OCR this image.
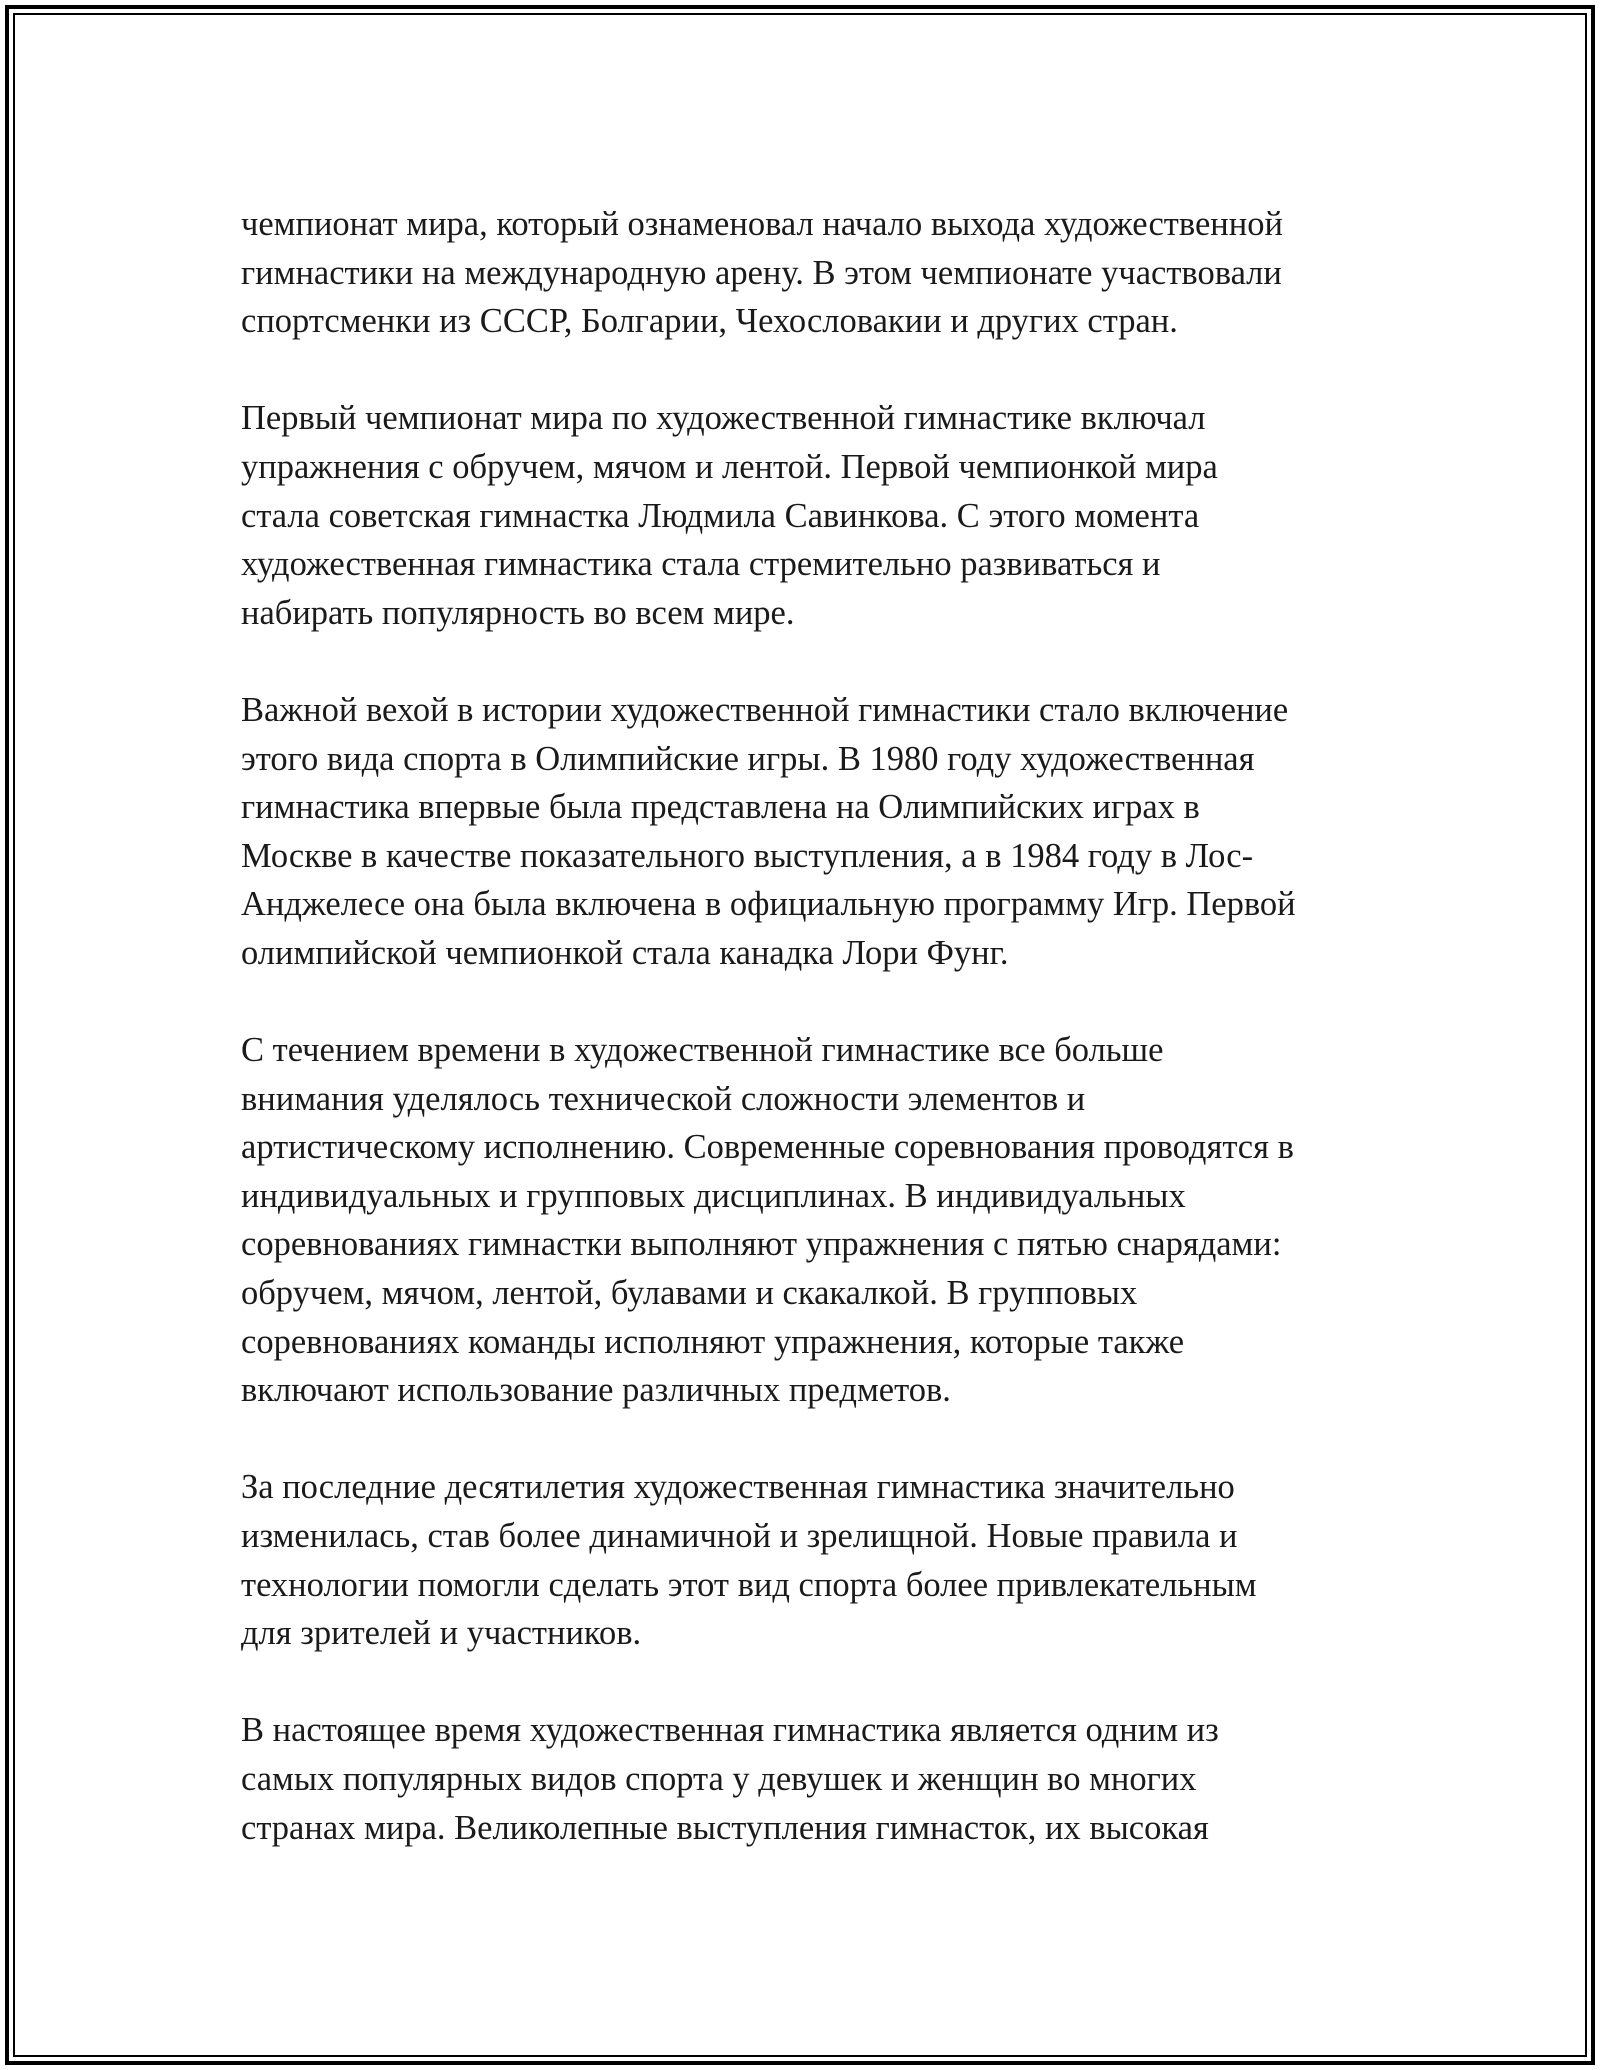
чемпионат мира, который ознаменовал начало выхода художественной
гимнастики на международную арену. В этом чемпионате участвовали
спортсменки из СССР, Болгарии, Чехословакии и других стран.
Первый чемпионат мира по художественной гимнастике включал
упражнения с обручем, мячом и лентой. Первой чемпионкой мира
стала советская гимнастка Людмила Савинкова. С этого момента
художественная гимнастика стала стремительно развиваться и
набирать популярность во всем мире.
Важной вехой в истории художественной гимнастики стало включение
этого вида спорта в Олимпийские игры. В 1980 году художественная
гимнастика впервые была представлена на Олимпийских играх в
Москве в качестве показательного выступления, а в 1984 году в Лос-
Анджелесе она была включена в официальную программу Игр. Первой
олимпийской чемпионкой стала канадка Лори Фунг.
С течением времени в художественной гимнастике все больше
внимания уделялось технической сложности элементов и
артистическому исполнению. Современные соревнования проводятся в
индивидуальных и групповых дисциплинах. В индивидуальных
соревнованиях гимнастки выполняют упражнения с пятью снарядами:
обручем, мячом, лентой, булавами и скакалкой. В групповых
соревнованиях команды исполняют упражнения, которые также
включают использование различных предметов.
За последние десятилетия художественная гимнастика значительно
изменилась, став более динамичной и зрелищной. Новые правила и
технологии помогли сделать этот вид спорта более привлекательным
для зрителей и участников.
В настоящее время художественная гимнастика является одним из
самых популярных видов спорта у девушек и женщин во многих
странах мира. Великолепные выступления гимнасток, их высокая
